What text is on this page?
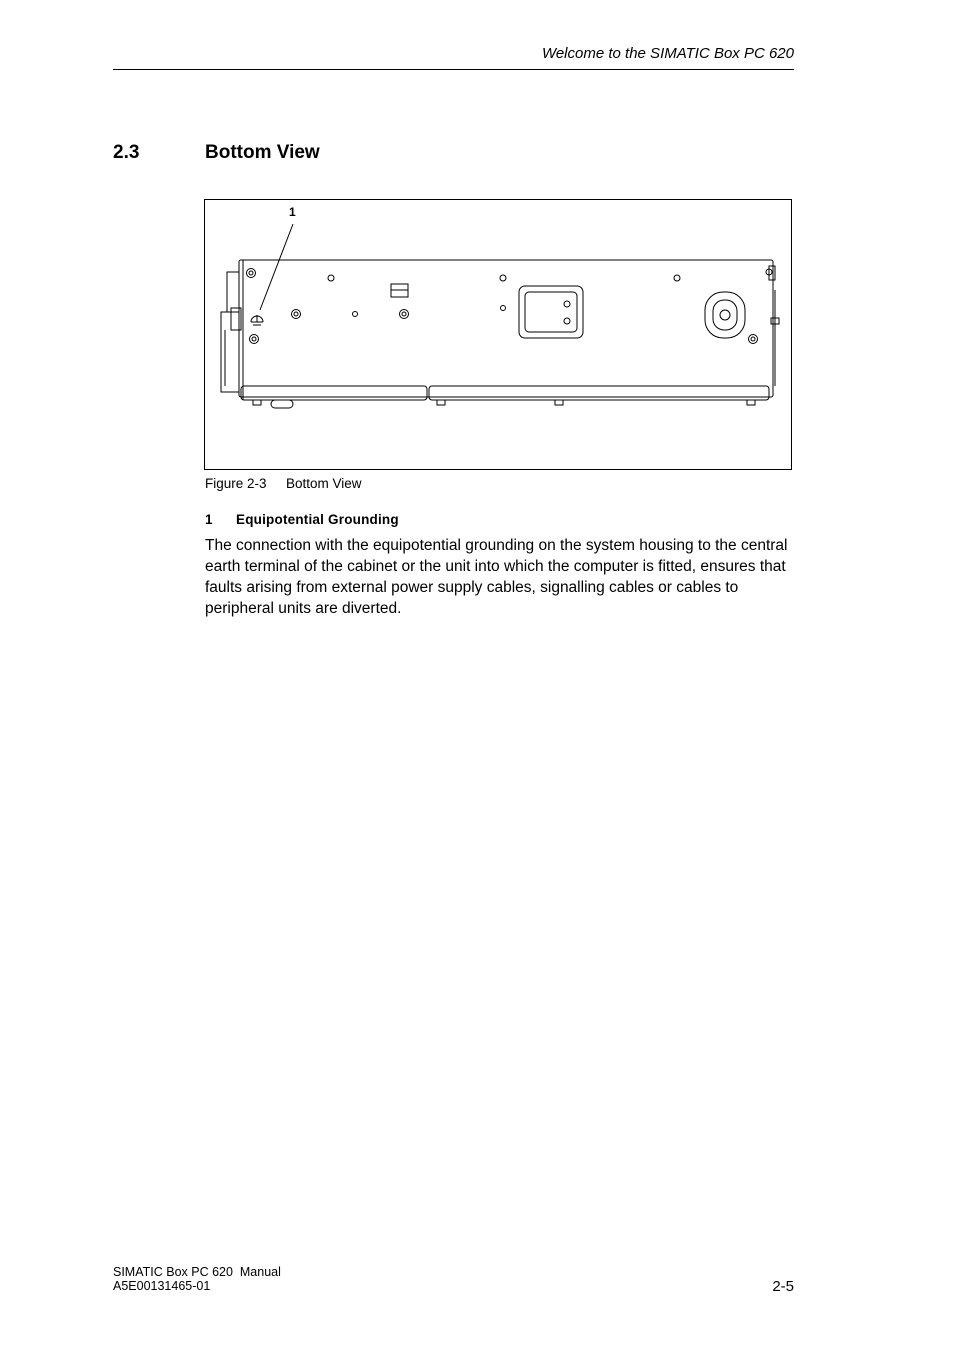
Welcome to the SIMATIC Box PC 620
2.3	Bottom View
1
Figure 2-3 Bottom View
1 Equipotential Grounding

The connection with the equipotential grounding on the system housing to the central earth terminal of the cabinet or the unit into which the computer is fitted, ensures that faults arising from external power supply cables, signalling cables or cables to peripheral units are diverted.

SIMATIC Box PC 620  Manual
A5E00131465-01	2-5
